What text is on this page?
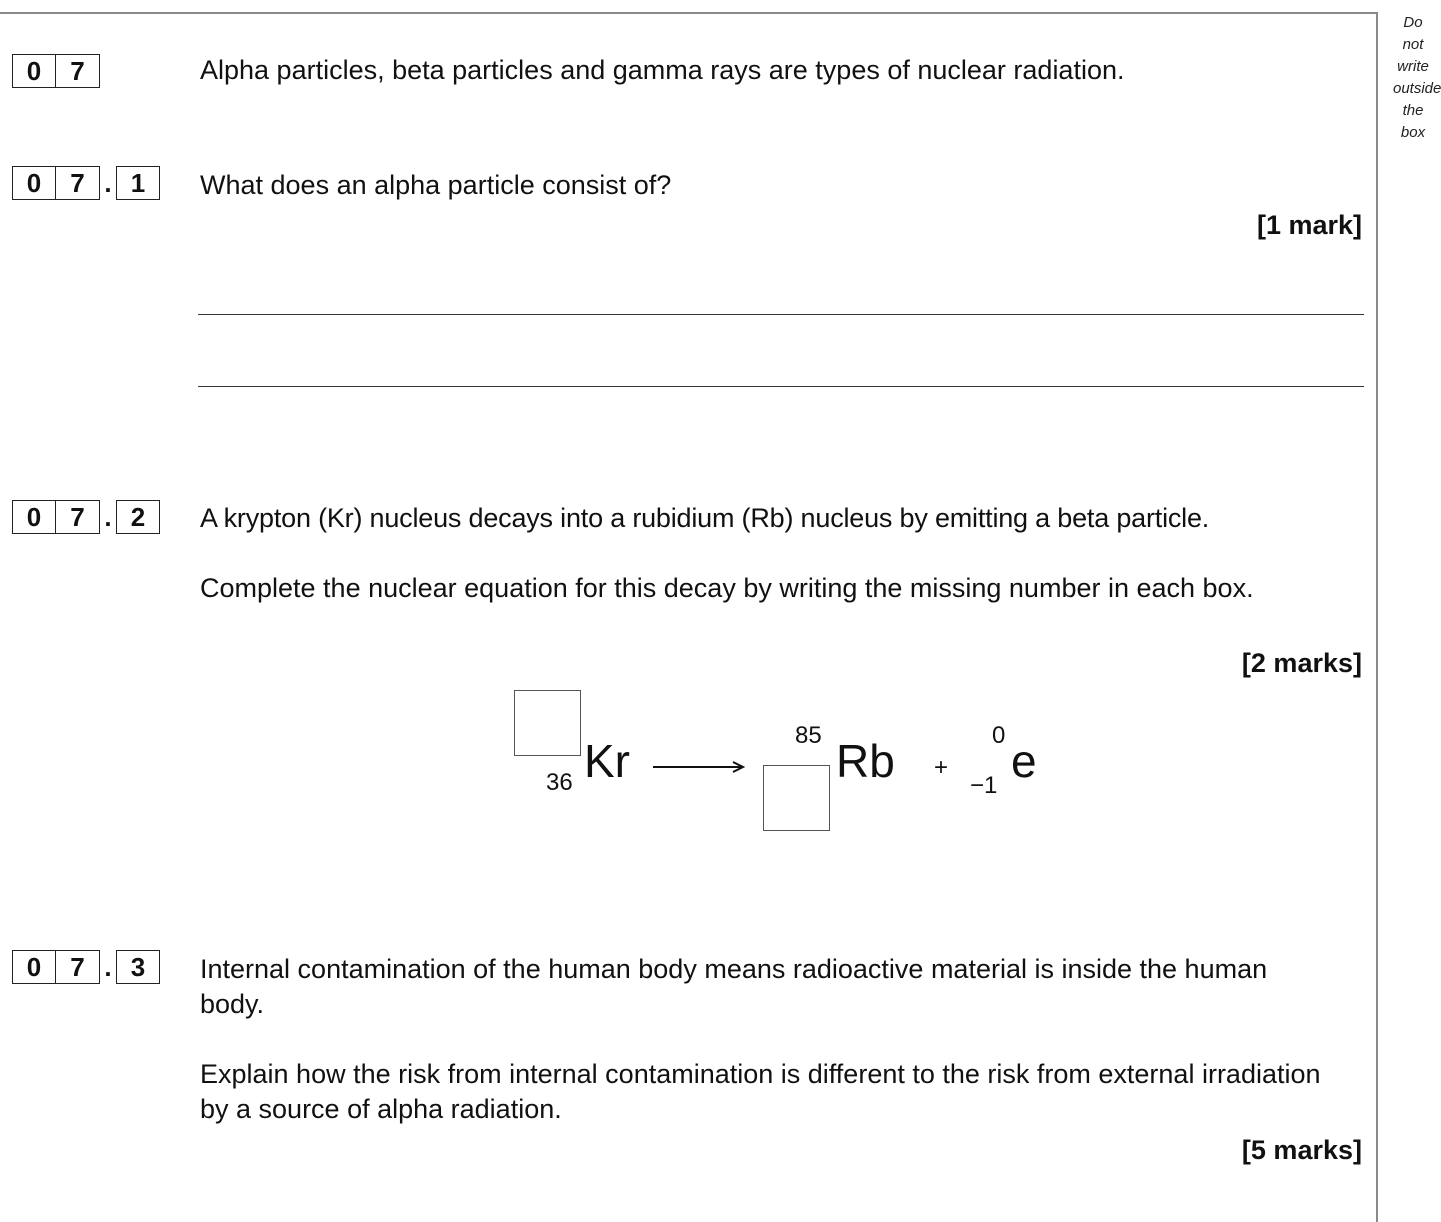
Do not write outside the box
0	7	Alpha particles, beta particles and gamma rays are types of nuclear radiation.
0	7 . 1	What does an alpha particle consist of?
[1 mark]
0	7 . 2	A krypton (Kr) nucleus decays into a rubidium (Rb) nucleus by emitting a beta particle.
Complete the nuclear equation for this decay by writing the missing number in each box.
[2 marks]
36 Kr	85 Rb +
0
−1 e
0	7 . 3	Internal contamination of the human body means radioactive material is inside the human body.
Explain how the risk from internal contamination is different to the risk from external irradiation by a source of alpha radiation.
[5 marks]
